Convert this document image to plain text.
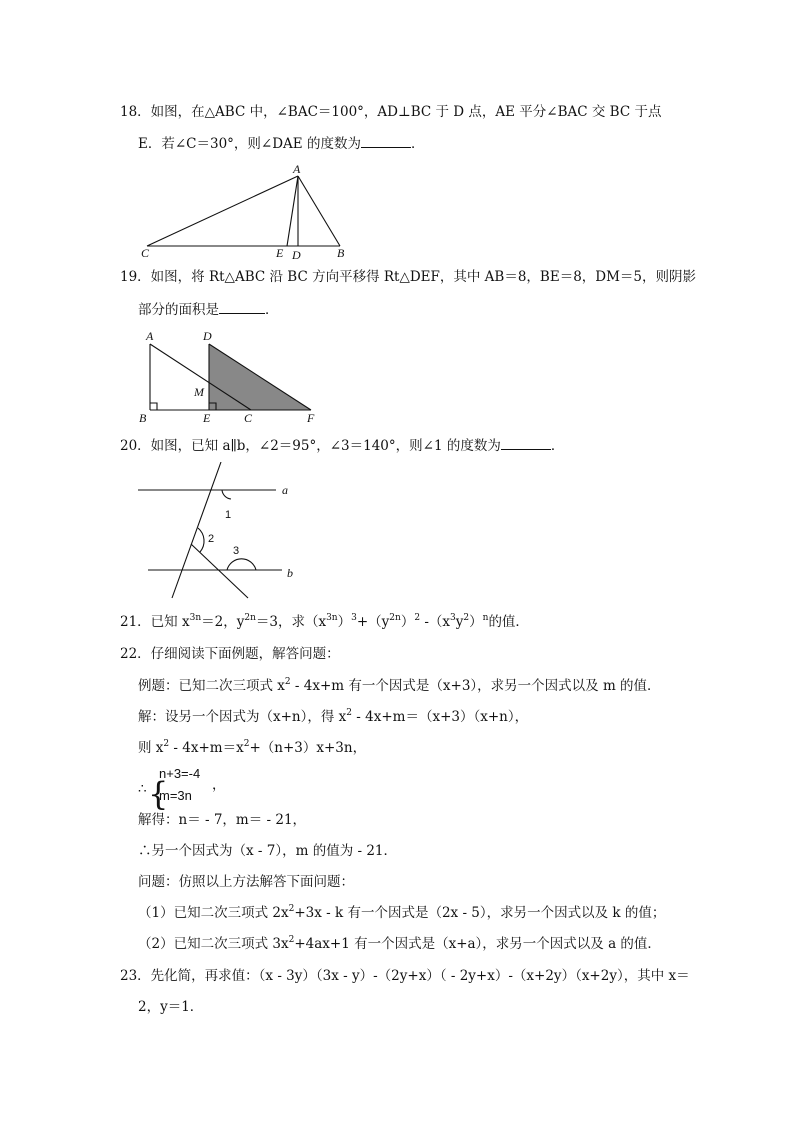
18．如图，在△ABC 中，∠BAC＝100°，AD⊥BC 于 D 点，AE 平分∠BAC 交 BC 于点
E．若∠C＝30°，则∠DAE 的度数为	．
A
C	E D	B
19．如图，将 Rt△ABC 沿 BC 方向平移得 Rt△DEF，其中 AB＝8，BE＝8，DM＝5，则阴影
部分的面积是	．
A	D
M
B	E	C	F
20．如图，已知 a∥b，∠2＝95°，∠3＝140°，则∠1 的度数为	．
a
b
1
2
3
21．已知 $x^{3n}=2$，$y^{2n}=3$，求$(x^{3n})^3+(y^{2n})^2$ $-(x^3y^2)^n$的值．
22．仔细阅读下面例题，解答问题：
例题：已知二次三项式 $x^2 - 4x+m$ 有一个因式是（x+3），求另一个因式以及 m 的值．
解：设另一个因式为（x+n），得 $x^2 - 4x+m=(x+3)(x+n)$，
则 $x^2 - 4x+m=x^2+(n+3)x+3n$，
∴ {
n+3=-4
m=3n
，
解得：n＝ - 7，m＝ - 21，
∴另一个因式为（x - 7），m 的值为 - 21．
问题：仿照以上方法解答下面问题：
（1）已知二次三项式 $2x^2+3x - k$ 有一个因式是（2x - 5），求另一个因式以及 k 的值；
（2）已知二次三项式 $3x^2+4ax+1$ 有一个因式是（x+a），求另一个因式以及 a 的值．
23．先化简，再求值：（x - 3y）（3x - y）-（2y+x）（ - 2y+x）-（x+2y）（x+2y），其中 x＝
2，y＝1．
